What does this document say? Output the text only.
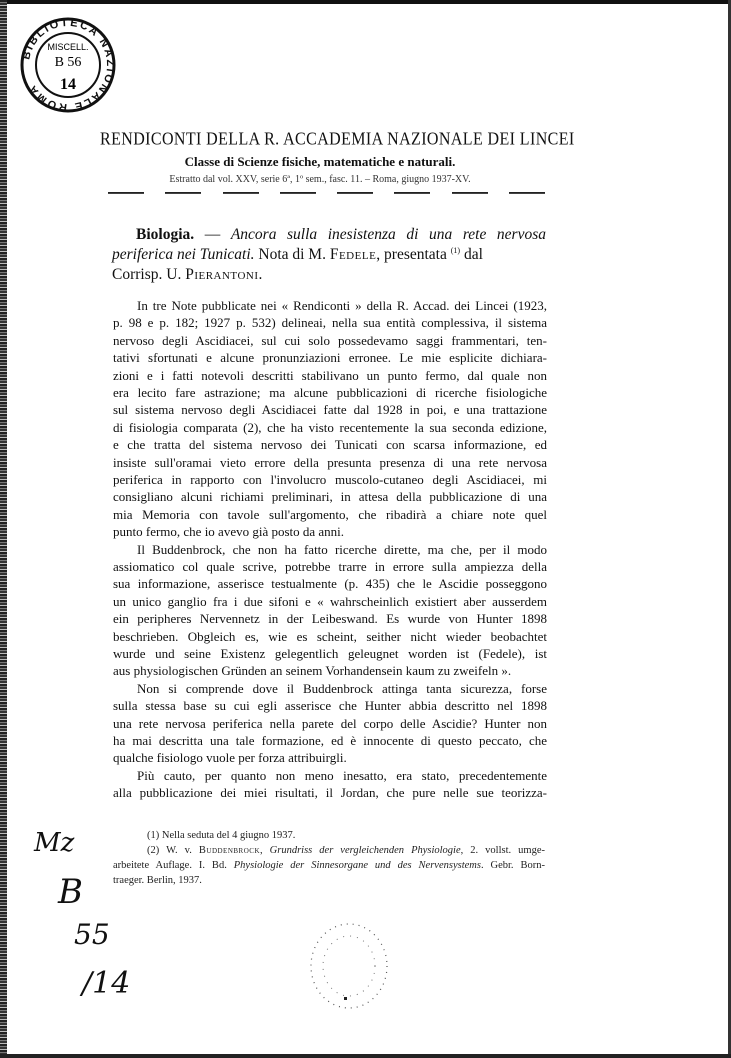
BIBLIOTECA NAZIONALE ROMA
MISCELL.
B 56
14
RENDICONTI DELLA R. ACCADEMIA NAZIONALE DEI LINCEI
Classe di Scienze fisiche, matematiche e naturali.
Estratto dal vol. XXV, serie 6ª, 1º sem., fasc. 11. – Roma, giugno 1937-XV.
Biologia. — Ancora sulla inesistenza di una rete nervosa
periferica nei Tunicati. Nota di M. Fedele, presentata $^{(1)}$ dal
Corrisp. U. Pierantoni.
In tre Note pubblicate nei « Rendiconti » della R. Accad. dei Lincei (1923,
p. 98 e p. 182; 1927 p. 532) delineai, nella sua entità complessiva, il sistema
nervoso degli Ascidiacei, sul cui solo possedevamo saggi frammentari, ten-
tativi sfortunati e alcune pronunziazioni erronee. Le mie esplicite dichiara-
zioni e i fatti notevoli descritti stabilivano un punto fermo, dal quale non
era lecito fare astrazione; ma alcune pubblicazioni di ricerche fisiologiche
sul sistema nervoso degli Ascidiacei fatte dal 1928 in poi, e una trattazione
di fisiologia comparata (2), che ha visto recentemente la sua seconda edizione,
e che tratta del sistema nervoso dei Tunicati con scarsa informazione, ed
insiste sull'oramai vieto errore della presunta presenza di una rete nervosa
periferica in rapporto con l'involucro muscolo-cutaneo degli Ascidiacei, mi
consigliano alcuni richiami preliminari, in attesa della pubblicazione di una
mia Memoria con tavole sull'argomento, che ribadirà a chiare note quel
punto fermo, che io avevo già posto da anni.
Il Buddenbrock, che non ha fatto ricerche dirette, ma che, per il modo
assiomatico col quale scrive, potrebbe trarre in errore sulla ampiezza della
sua informazione, asserisce testualmente (p. 435) che le Ascidie posseggono
un unico ganglio fra i due sifoni e « wahrscheinlich existiert aber ausserdem
ein peripheres Nervennetz in der Leibeswand. Es wurde von Hunter 1898
beschrieben. Obgleich es, wie es scheint, seither nicht wieder beobachtet
wurde und seine Existenz gelegentlich geleugnet worden ist (Fedele), ist
aus physiologischen Gründen an seinem Vorhandensein kaum zu zweifeln ».
Non si comprende dove il Buddenbrock attinga tanta sicurezza, forse
sulla stessa base su cui egli asserisce che Hunter abbia descritto nel 1898
una rete nervosa periferica nella parete del corpo delle Ascidie? Hunter non
ha mai descritta una tale formazione, ed è innocente di questo peccato, che
qualche fisiologo vuole per forza attribuirgli.
Più cauto, per quanto non meno inesatto, era stato, precedentemente
alla pubblicazione dei miei risultati, il Jordan, che pure nelle sue teorizza-
(1) Nella seduta del 4 giugno 1937.
(2) W. v. Buddenbrock, Grundriss der vergleichenden Physiologie, 2. vollst. umge-
arbeitete Auflage. I. Bd. Physiologie der Sinnesorgane und des Nervensystems. Gebr. Born-
traeger. Berlin, 1937.
Mz
B
55
/14
